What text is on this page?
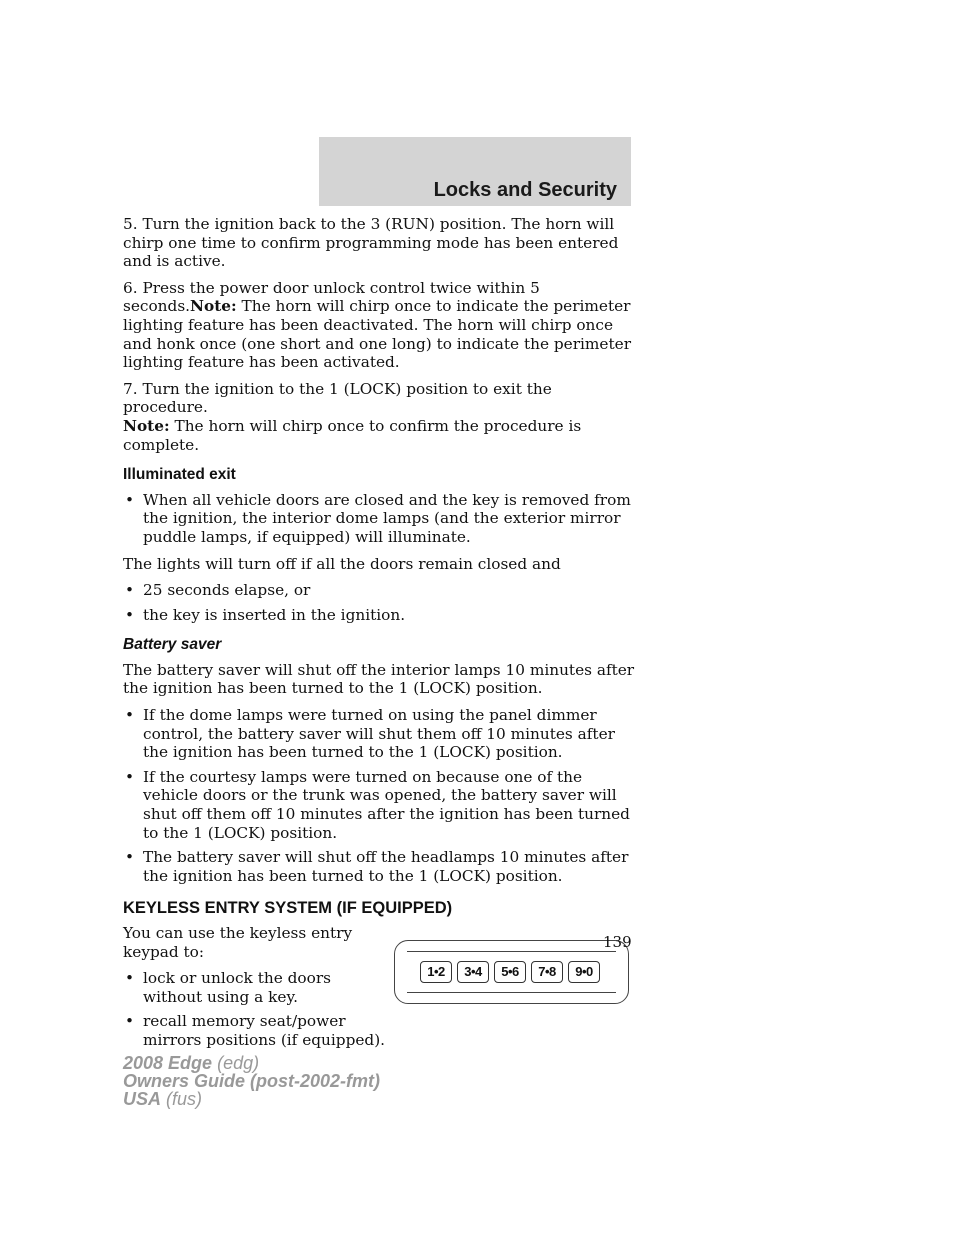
Locks and Security

5. Turn the ignition back to the 3 (RUN) position. The horn will chirp one time to confirm programming mode has been entered and is active.

6. Press the power door unlock control twice within 5 seconds.Note: The horn will chirp once to indicate the perimeter lighting feature has been deactivated. The horn will chirp once and honk once (one short and one long) to indicate the perimeter lighting feature has been activated.

7. Turn the ignition to the 1 (LOCK) position to exit the procedure.
Note: The horn will chirp once to confirm the procedure is complete.

Illuminated exit
• When all vehicle doors are closed and the key is removed from the ignition, the interior dome lamps (and the exterior mirror puddle lamps, if equipped) will illuminate.

The lights will turn off if all the doors remain closed and

• 25 seconds elapse, or
• the key is inserted in the ignition.
Battery saver

The battery saver will shut off the interior lamps 10 minutes after the ignition has been turned to the 1 (LOCK) position.

• If the dome lamps were turned on using the panel dimmer control, the battery saver will shut them off 10 minutes after the ignition has been turned to the 1 (LOCK) position.
• If the courtesy lamps were turned on because one of the vehicle doors or the trunk was opened, the battery saver will shut off them off 10 minutes after the ignition has been turned to the 1 (LOCK) position.
• The battery saver will shut off the headlamps 10 minutes after the ignition has been turned to the 1 (LOCK) position.
KEYLESS ENTRY SYSTEM (IF EQUIPPED)

You can use the keyless entry keypad to:

• lock or unlock the doors without using a key.
• recall memory seat/power mirrors positions (if equipped).
1•2	3•4	5•6	7•8	9•0
139
2008 Edge (edg)
Owners Guide (post-2002-fmt)
USA (fus)
